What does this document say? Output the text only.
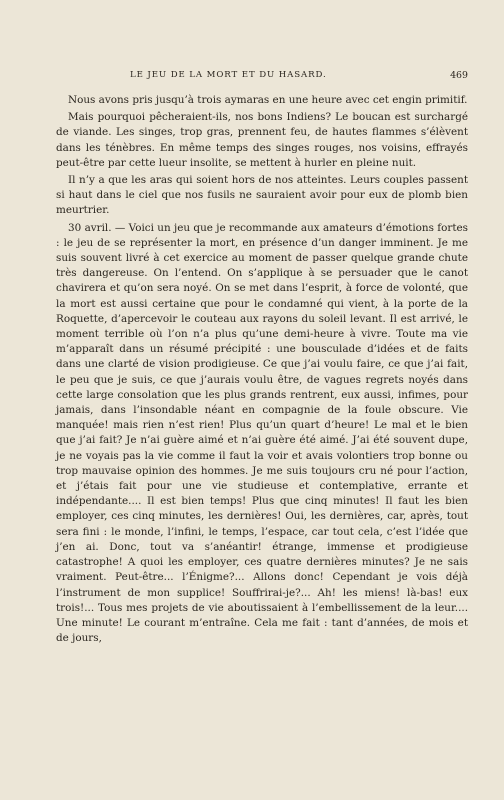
LE JEU DE LA MORT ET DU HASARD.	469

Nous avons pris jusqu’à trois aymaras en une heure avec cet engin primitif.

Mais pourquoi pêcheraient-ils, nos bons Indiens? Le boucan est surchargé de viande. Les singes, trop gras, prennent feu, de hautes flammes s’élèvent dans les ténèbres. En même temps des singes rouges, nos voisins, effrayés peut-être par cette lueur insolite, se mettent à hurler en pleine nuit.

Il n’y a que les aras qui soient hors de nos atteintes. Leurs couples passent si haut dans le ciel que nos fusils ne sauraient avoir pour eux de plomb bien meurtrier.

30 avril. — Voici un jeu que je recommande aux amateurs d’émotions fortes : le jeu de se représenter la mort, en présence d’un danger imminent. Je me suis souvent livré à cet exercice au moment de passer quelque grande chute très dangereuse. On l’entend. On s’applique à se persuader que le canot chavirera et qu’on sera noyé. On se met dans l’esprit, à force de volonté, que la mort est aussi certaine que pour le condamné qui vient, à la porte de la Roquette, d’apercevoir le couteau aux rayons du soleil levant. Il est arrivé, le moment terrible où l’on n’a plus qu’une demi-heure à vivre. Toute ma vie m’apparaît dans un résumé précipité : une bousculade d’idées et de faits dans une clarté de vision prodigieuse. Ce que j’ai voulu faire, ce que j’ai fait, le peu que je suis, ce que j’aurais voulu être, de vagues regrets noyés dans cette large consolation que les plus grands rentrent, eux aussi, infimes, pour jamais, dans l’insondable néant en compagnie de la foule obscure. Vie manquée! mais rien n’est rien! Plus qu’un quart d’heure! Le mal et le bien que j’ai fait? Je n’ai guère aimé et n’ai guère été aimé. J’ai été souvent dupe, je ne voyais pas la vie comme il faut la voir et avais volontiers trop bonne ou trop mauvaise opinion des hommes. Je me suis toujours cru né pour l’action, et j’étais fait pour une vie studieuse et contemplative, errante et indépendante.... Il est bien temps! Plus que cinq minutes! Il faut les bien employer, ces cinq minutes, les dernières! Oui, les dernières, car, après, tout sera fini : le monde, l’infini, le temps, l’espace, car tout cela, c’est l’idée que j’en ai. Donc, tout va s’anéantir! étrange, immense et prodigieuse catastrophe! A quoi les employer, ces quatre dernières minutes? Je ne sais vraiment. Peut-être... l’Énigme?... Allons donc! Cependant je vois déjà l’instrument de mon supplice! Souffrirai-je?... Ah! les miens! là-bas! eux trois!... Tous mes projets de vie aboutissaient à l’embellissement de la leur.... Une minute! Le courant m’entraîne. Cela me fait : tant d’années, de mois et de jours,
